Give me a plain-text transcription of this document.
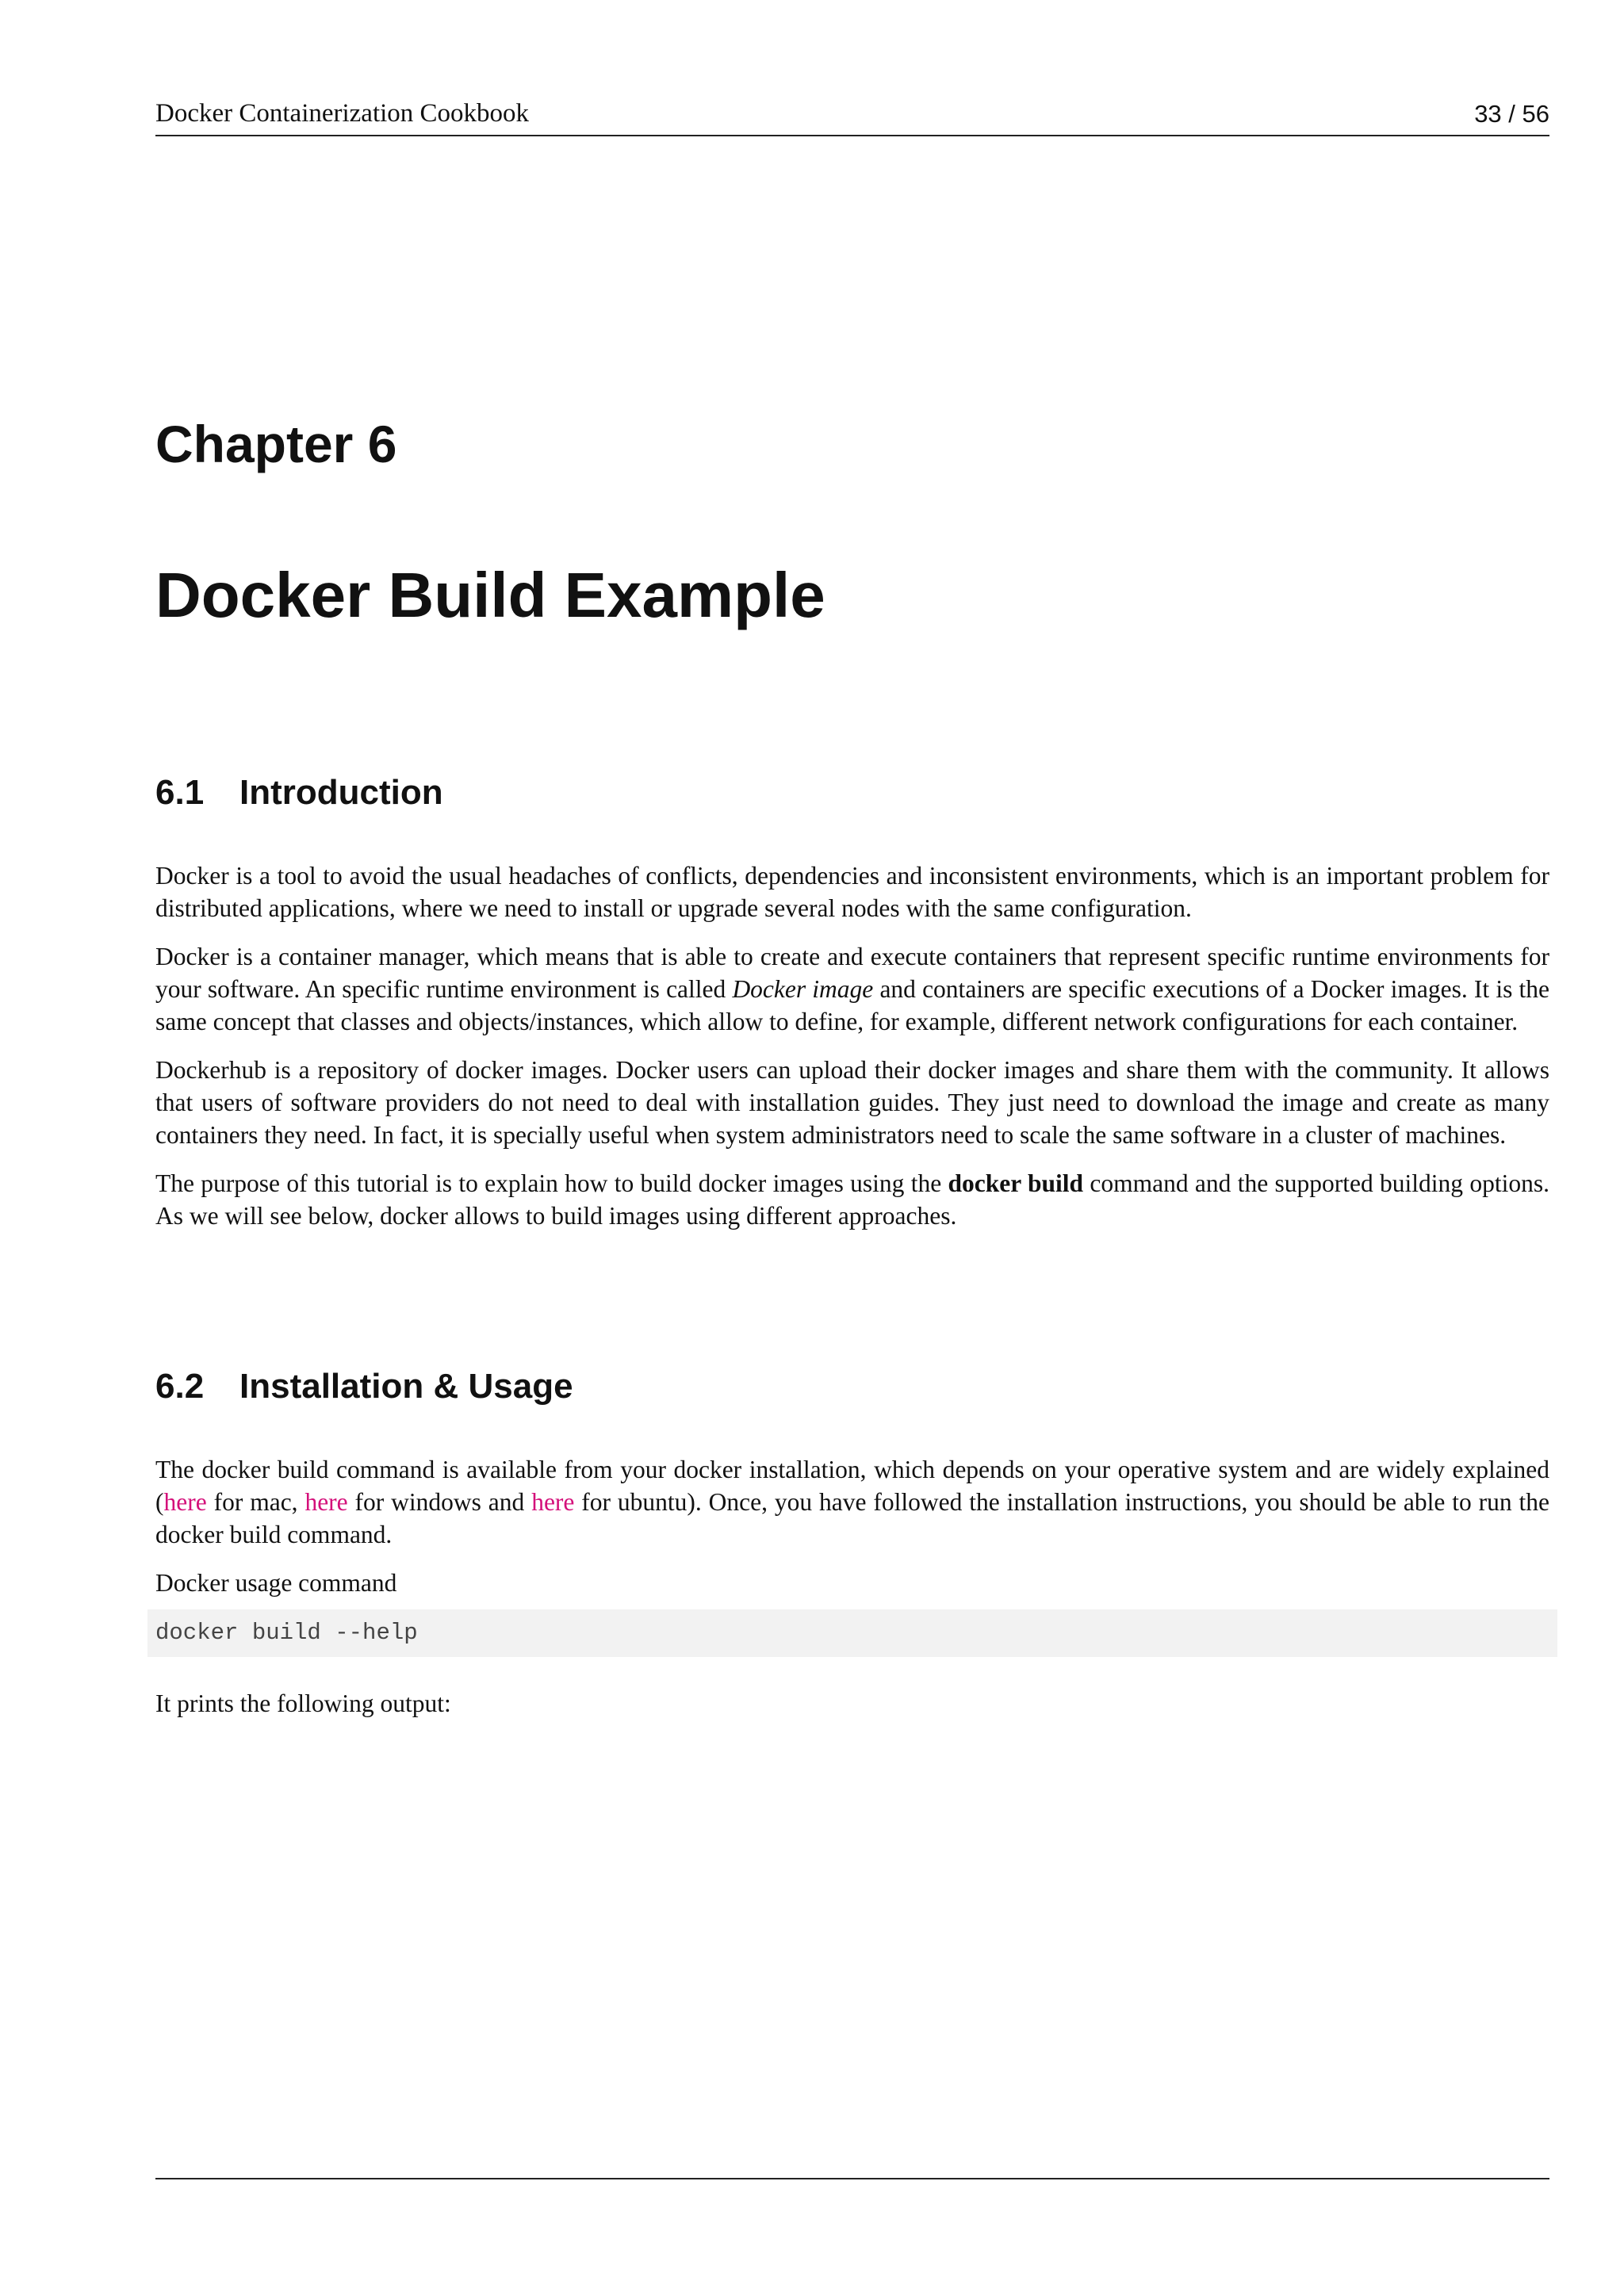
Docker Containerization Cookbook	33 / 56
Chapter 6
Docker Build Example
6.1 Introduction

Docker is a tool to avoid the usual headaches of conflicts, dependencies and inconsistent environments, which is an important problem for distributed applications, where we need to install or upgrade several nodes with the same configuration.

Docker is a container manager, which means that is able to create and execute containers that represent specific runtime environments for your software. An specific runtime environment is called Docker image and containers are specific executions of a Docker images. It is the same concept that classes and objects/instances, which allow to define, for example, different network configurations for each container.

Dockerhub is a repository of docker images. Docker users can upload their docker images and share them with the community. It allows that users of software providers do not need to deal with installation guides. They just need to download the image and create as many containers they need. In fact, it is specially useful when system administrators need to scale the same software in a cluster of machines.

The purpose of this tutorial is to explain how to build docker images using the docker build command and the supported building options. As we will see below, docker allows to build images using different approaches.

6.2 Installation & Usage

The docker build command is available from your docker installation, which depends on your operative system and are widely explained (here for mac, here for windows and here for ubuntu). Once, you have followed the installation instructions, you should be able to run the docker build command.

Docker usage command

docker build --help
It prints the following output:
